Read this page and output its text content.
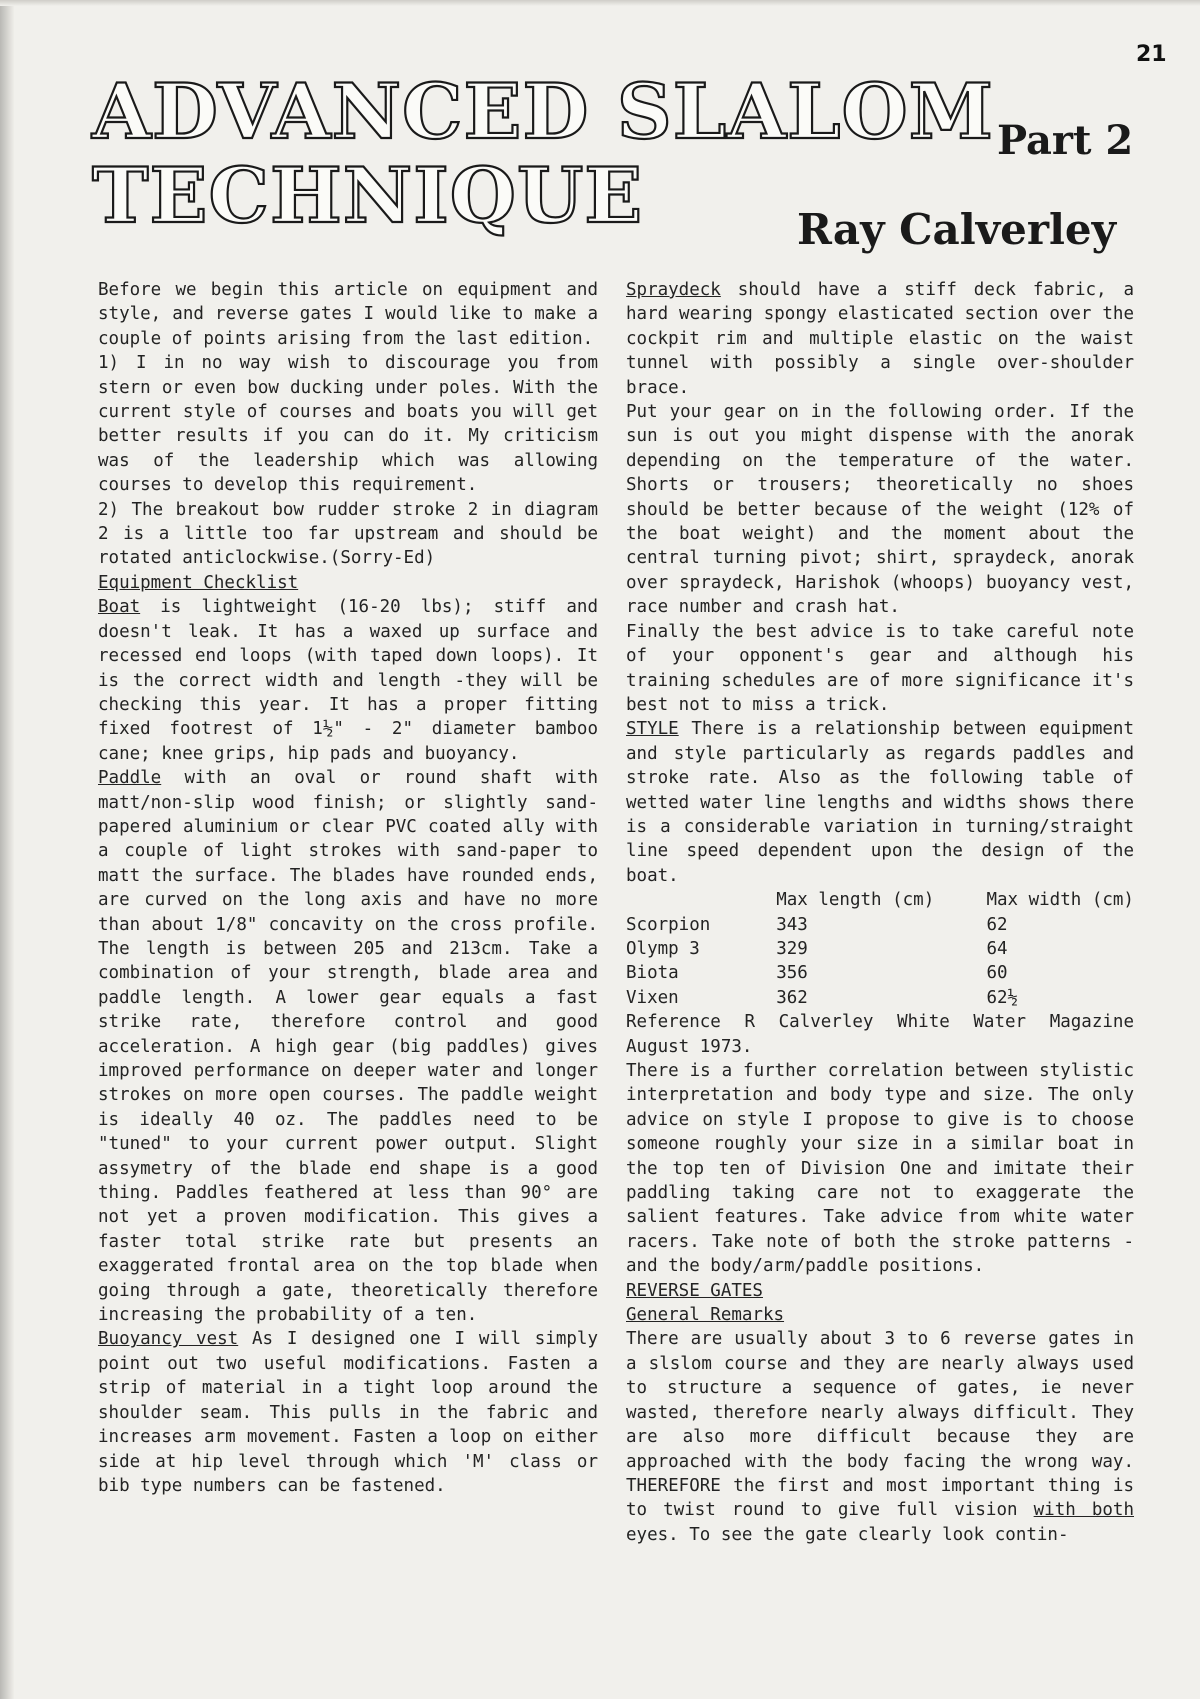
21
ADVANCED SLALOM
TECHNIQUE
Part 2
Ray Calverley

Before we begin this article on equipment and style, and reverse gates I would like to make a couple of points arising from the last edition.

1) I in no way wish to discourage you from stern or even bow ducking under poles. With the current style of courses and boats you will get better results if you can do it. My criticism was of the leadership which was allowing courses to develop this requirement.

2) The breakout bow rudder stroke 2 in diagram 2 is a little too far upstream and should be rotated anticlockwise.(Sorry-Ed)

Equipment Checklist

Boat is lightweight (16-20 lbs); stiff and doesn't leak. It has a waxed up surface and recessed end loops (with taped down loops). It is the correct width and length -they will be checking this year. It has a proper fitting fixed footrest of 1½" - 2" diameter bamboo cane; knee grips, hip pads and buoyancy.

Paddle with an oval or round shaft with matt/non-slip wood finish; or slightly sand-papered aluminium or clear PVC coated ally with a couple of light strokes with sand-paper to matt the surface. The blades have rounded ends, are curved on the long axis and have no more than about 1/8" concavity on the cross profile. The length is between 205 and 213cm. Take a combination of your strength, blade area and paddle length. A lower gear equals a fast strike rate, therefore control and good acceleration. A high gear (big paddles) gives improved performance on deeper water and longer strokes on more open courses. The paddle weight is ideally 40 oz. The paddles need to be "tuned" to your current power output. Slight assymetry of the blade end shape is a good thing. Paddles feathered at less than 90° are not yet a proven modification. This gives a faster total strike rate but presents an exaggerated frontal area on the top blade when going through a gate, theoretically therefore increasing the probability of a ten.

Buoyancy vest As I designed one I will simply point out two useful modifications. Fasten a strip of material in a tight loop around the shoulder seam. This pulls in the fabric and increases arm movement. Fasten a loop on either side at hip level through which 'M' class or bib type numbers can be fastened.

Spraydeck should have a stiff deck fabric, a hard wearing spongy elasticated section over the cockpit rim and multiple elastic on the waist tunnel with possibly a single over-shoulder brace.

Put your gear on in the following order. If the sun is out you might dispense with the anorak depending on the temperature of the water. Shorts or trousers; theoretically no shoes should be better because of the weight (12% of the boat weight) and the moment about the central turning pivot; shirt, spraydeck, anorak over spraydeck, Harishok (whoops) buoyancy vest, race number and crash hat.

Finally the best advice is to take careful note of your opponent's gear and although his training schedules are of more significance it's best not to miss a trick.

STYLE There is a relationship between equipment and style particularly as regards paddles and stroke rate. Also as the following table of wetted water line lengths and widths shows there is a considerable variation in turning/straight line speed dependent upon the design of the boat.

	Max length (cm)	Max width (cm)
Scorpion	343	62
Olymp 3	329	64
Biota	356	60
Vixen	362	62½

Reference R Calverley White Water Magazine August 1973.

There is a further correlation between stylistic interpretation and body type and size. The only advice on style I propose to give is to choose someone roughly your size in a similar boat in the top ten of Division One and imitate their paddling taking care not to exaggerate the salient features. Take advice from white water racers. Take note of both the stroke patterns - and the body/arm/paddle positions.

REVERSE GATES

General Remarks

There are usually about 3 to 6 reverse gates in a slslom course and they are nearly always used to structure a sequence of gates, ie never wasted, therefore nearly always difficult. They are also more difficult because they are approached with the body facing the wrong way. THEREFORE the first and most important thing is to twist round to give full vision with both eyes. To see the gate clearly look contin-
